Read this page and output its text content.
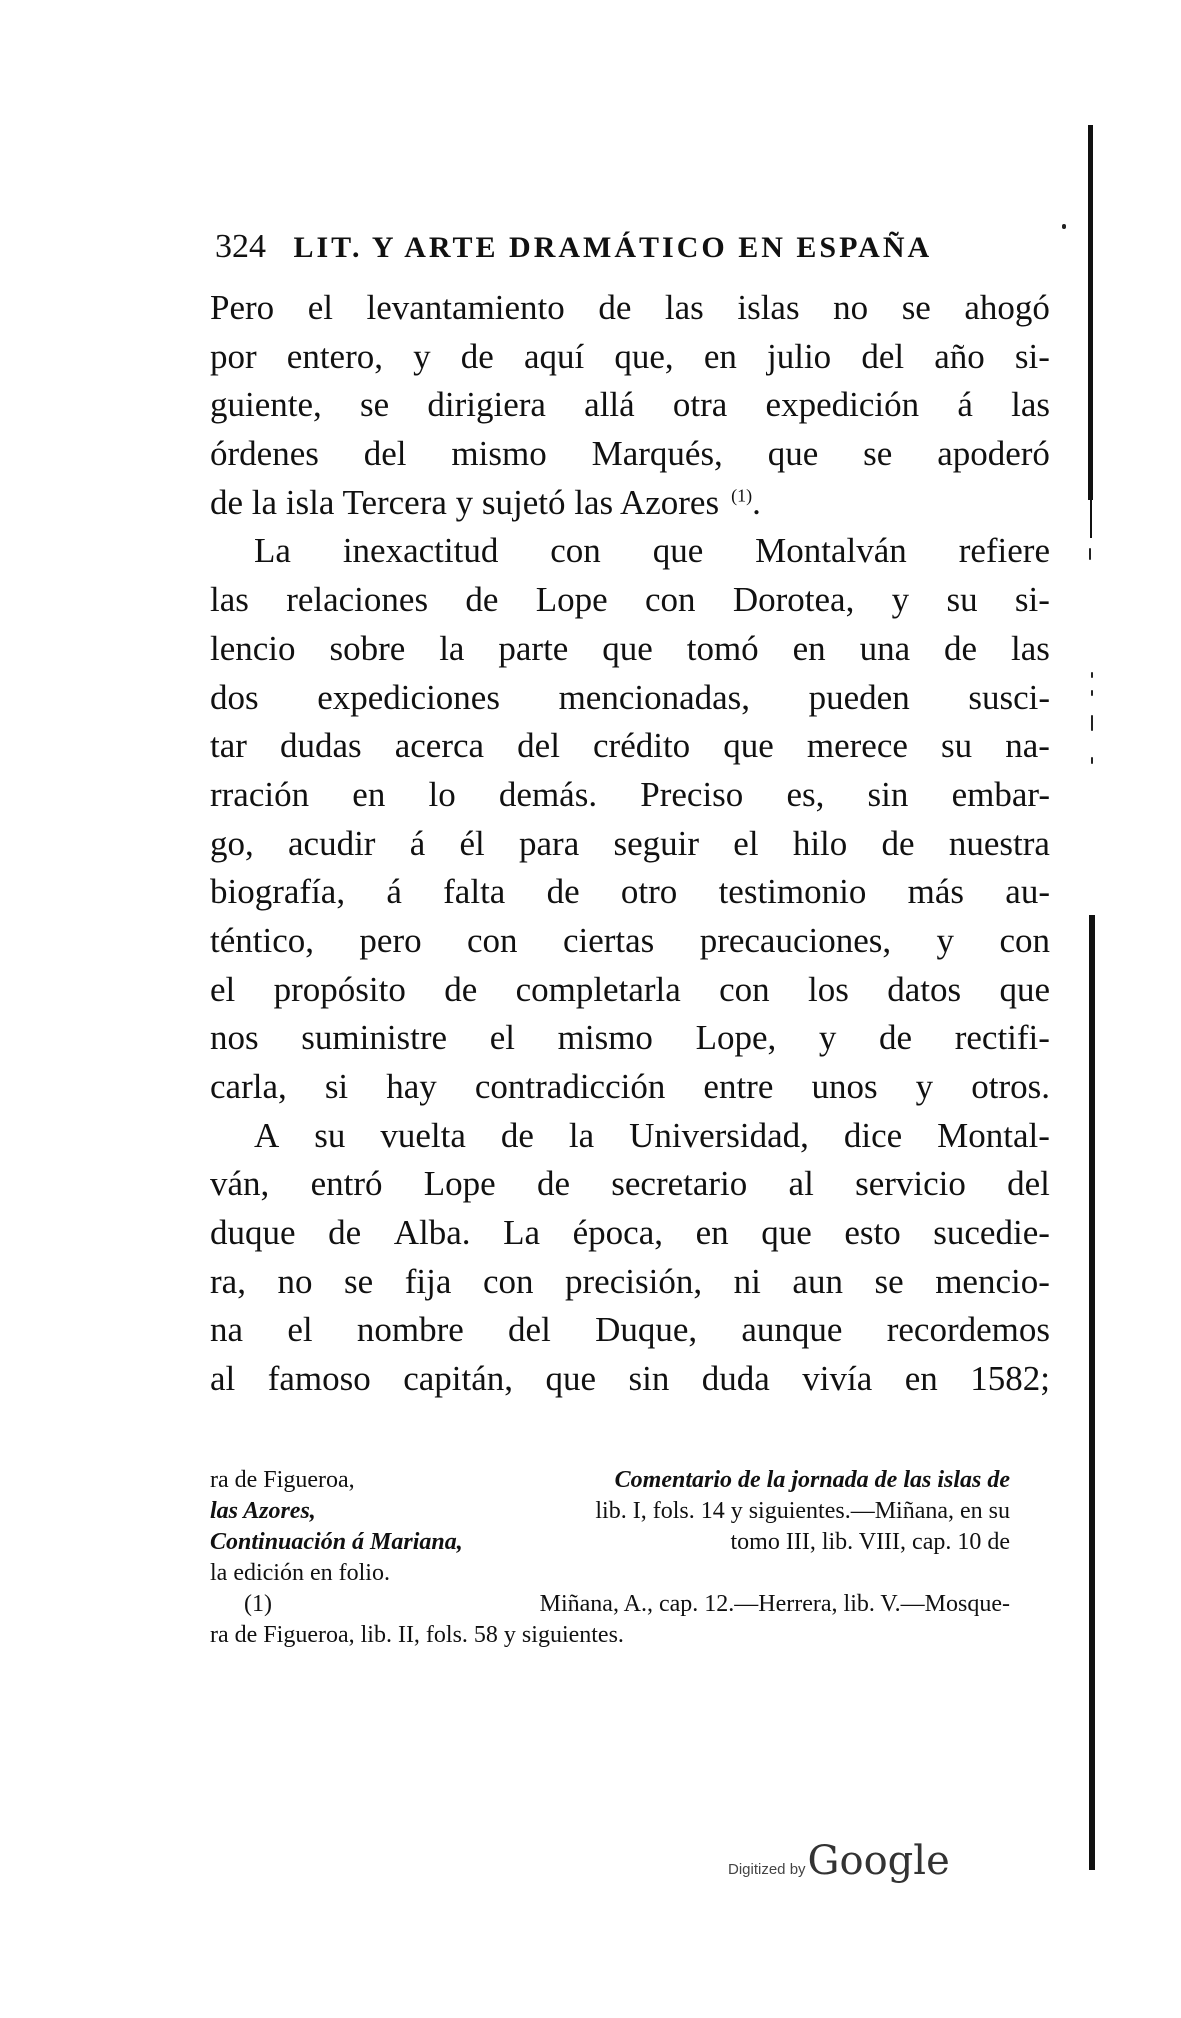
324 LIT. Y ARTE DRAMÁTICO EN ESPAÑA
Pero el levantamiento de las islas no se ahogó
por entero, y de aquí que, en julio del año si-
guiente, se dirigiera allá otra expedición á las
órdenes del mismo Marqués, que se apoderó
de la isla Tercera y sujetó las Azores $^{(1)}$.
La inexactitud con que Montalván refiere
las relaciones de Lope con Dorotea, y su si-
lencio sobre la parte que tomó en una de las
dos expediciones mencionadas, pueden susci-
tar dudas acerca del crédito que merece su na-
rración en lo demás. Preciso es, sin embar-
go, acudir á él para seguir el hilo de nuestra
biografía, á falta de otro testimonio más au-
téntico, pero con ciertas precauciones, y con
el propósito de completarla con los datos que
nos suministre el mismo Lope, y de rectifi-
carla, si hay contradicción entre unos y otros.
A su vuelta de la Universidad, dice Montal-
ván, entró Lope de secretario al servicio del
duque de Alba. La época, en que esto sucedie-
ra, no se fija con precisión, ni aun se mencio-
na el nombre del Duque, aunque recordemos
al famoso capitán, que sin duda vivía en 1582;
ra de Figueroa,	Comentario de la jornada de las islas de
las Azores,	lib. I, fols. 14 y siguientes.—Miñana, en su
Continuación á Mariana,	tomo III, lib. VIII, cap. 10 de
la edición en folio.
(1)	Miñana, A., cap. 12.—Herrera, lib. V.—Mosque-
ra de Figueroa, lib. II, fols. 58 y siguientes.
Digitized by Google
